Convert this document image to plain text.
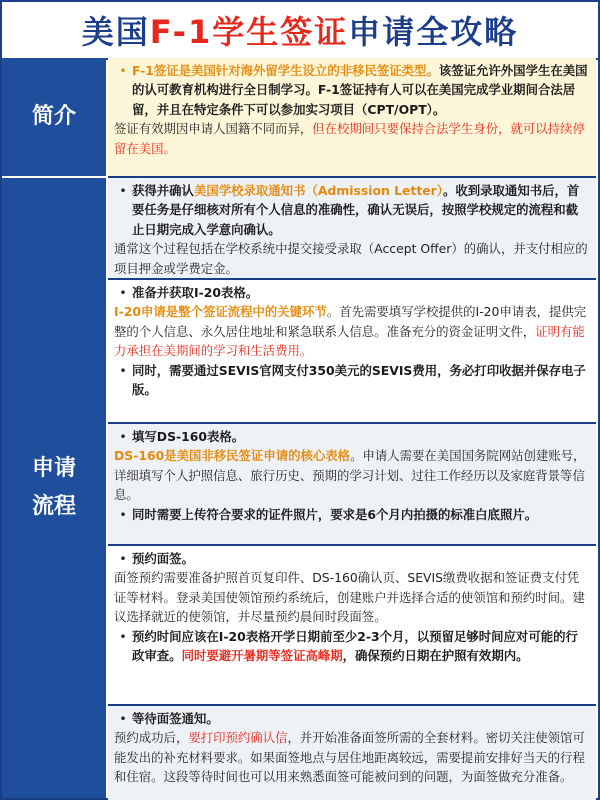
美国 F-1学生签证 申请全攻略
简介
申请
流程
• F-1签证是美国针对海外留学生设立的非移民签证类型。该签证允许外国学生在美国的认可教育机构进行全日制学习。F-1签证持有人可以在美国完成学业期间合法居留，并且在特定条件下可以参加实习项目（CPT/OPT）。
签证有效期因申请人国籍不同而异，但在校期间只要保持合法学生身份，就可以持续停留在美国。
• 获得并确认美国学校录取通知书（Admission Letter）。收到录取通知书后，首要任务是仔细核对所有个人信息的准确性，确认无误后，按照学校规定的流程和截止日期完成入学意向确认。
通常这个过程包括在学校系统中提交接受录取（Accept Offer）的确认，并支付相应的项目押金或学费定金。
• 准备并获取I-20表格。
I-20申请是整个签证流程中的关键环节。首先需要填写学校提供的I-20申请表，提供完整的个人信息、永久居住地址和紧急联系人信息。准备充分的资金证明文件，证明有能力承担在美期间的学习和生活费用。
• 同时，需要通过SEVIS官网支付350美元的SEVIS费用，务必打印收据并保存电子版。
• 填写DS-160表格。
DS-160是美国非移民签证申请的核心表格。申请人需要在美国国务院网站创建账号，详细填写个人护照信息、旅行历史、预期的学习计划、过往工作经历以及家庭背景等信息。
• 同时需要上传符合要求的证件照片，要求是6个月内拍摄的标准白底照片。
• 预约面签。
面签预约需要准备护照首页复印件、DS-160确认页、SEVIS缴费收据和签证费支付凭证等材料。登录美国使领馆预约系统后，创建账户并选择合适的使领馆和预约时间。建议选择就近的使领馆，并尽量预约晨间时段面签。
• 预约时间应该在I-20表格开学日期前至少2-3个月，以预留足够时间应对可能的行政审查。同时要避开暑期等签证高峰期，确保预约日期在护照有效期内。
• 等待面签通知。
预约成功后，要打印预约确认信，并开始准备面签所需的全套材料。密切关注使领馆可能发出的补充材料要求。如果面签地点与居住地距离较远，需要提前安排好当天的行程和住宿。这段等待时间也可以用来熟悉面签可能被问到的问题，为面签做充分准备。
